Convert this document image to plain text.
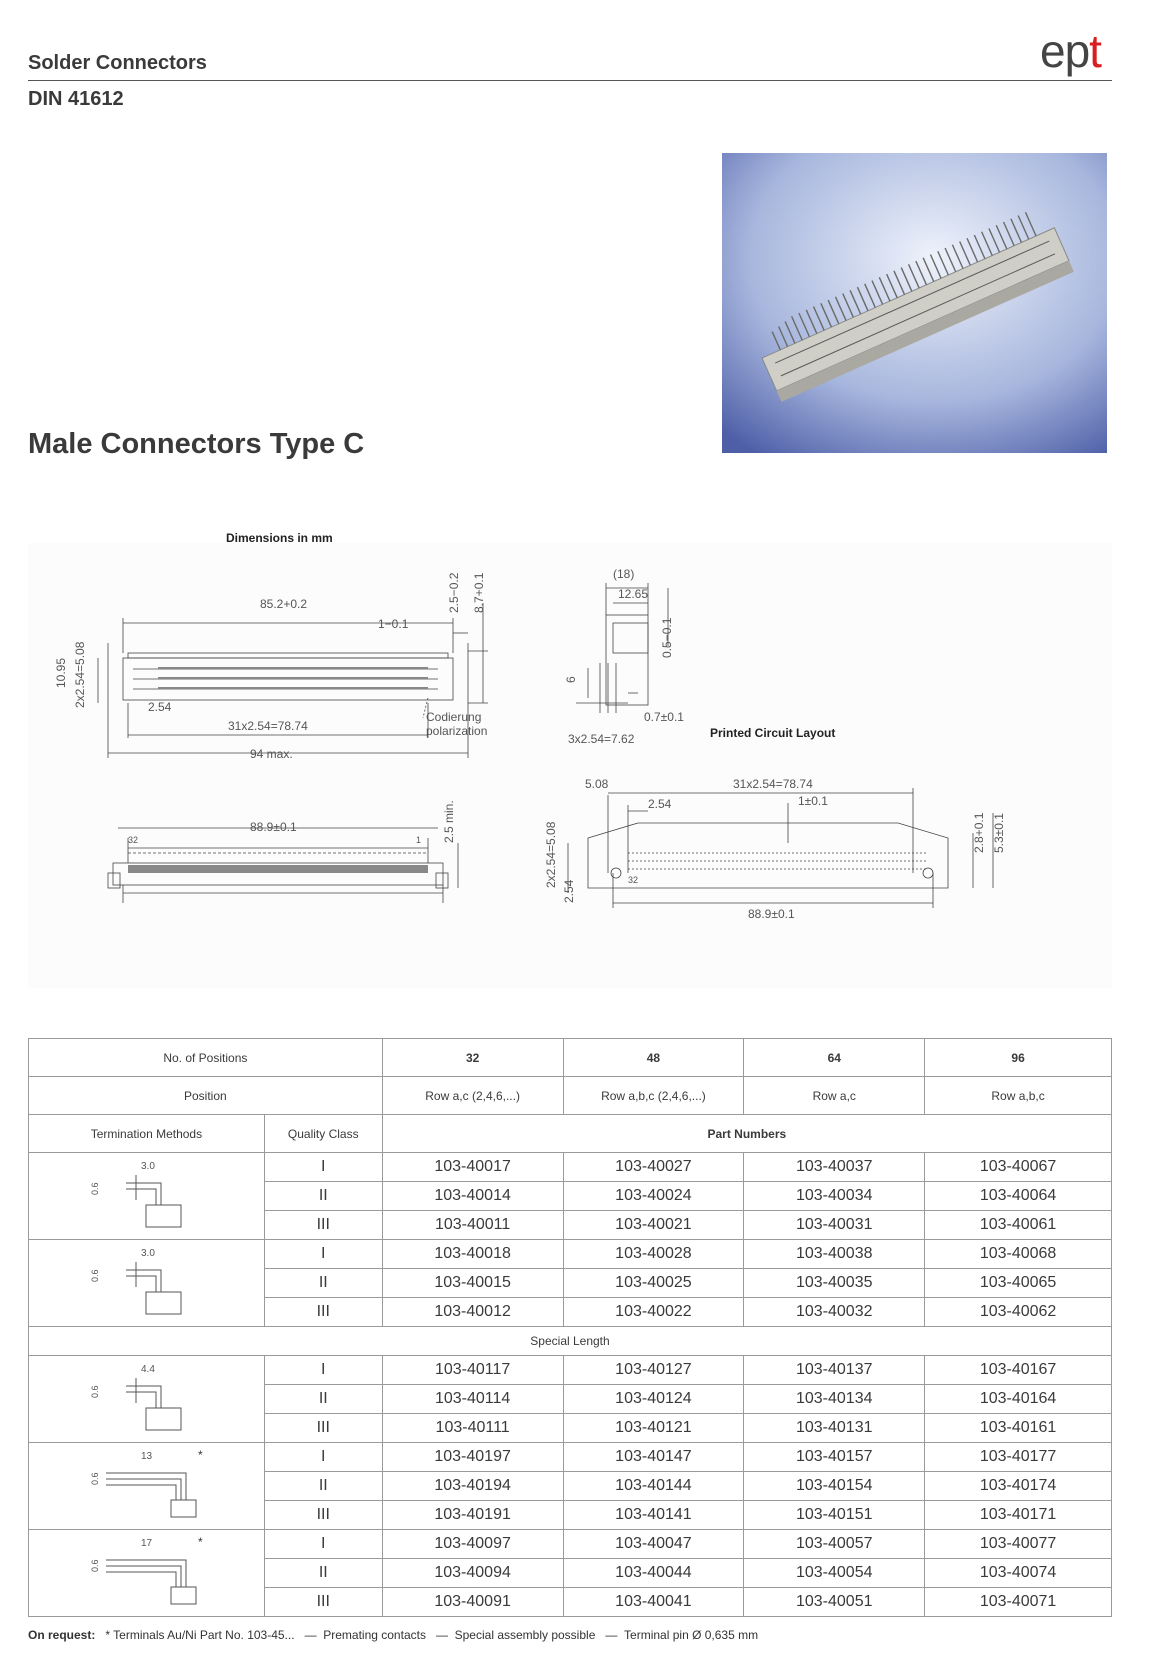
Solder Connectors
DIN 41612
ept
Male Connectors Type C
Dimensions in mm
85.2+0.2
1−0.1
2.5−0.2 8.7+0.1
10.95 2x2.54=5.08	2.54
31x2.54=78.74
94 max.
Codierung
polarization
(18)
12.65
0.5−0.1
6
0.7±0.1
3x2.54=7.62	Printed Circuit Layout
88.9±0.1	2.5 min.
32	1
5.08	31x2.54=78.74
2.54	1±0.1
2x2.54=5.08
2.54
2.8+0.1 5.3±0.1
32
88.9±0.1
No. of Positions		32	48	64	96
Position		Row a,c (2,4,6,...)	Row a,b,c (2,4,6,...)	Row a,c	Row a,b,c
Termination Methods	Quality Class	Part Numbers			

3.0
0.6	I	103-40017	103-40027	103-40037	103-40067
	II	103-40014	103-40024	103-40034	103-40064
	III	103-40011	103-40021	103-40031	103-40061

3.0
0.6	I	103-40018	103-40028	103-40038	103-40068
	II	103-40015	103-40025	103-40035	103-40065
	III	103-40012	103-40022	103-40032	103-40062
Special Length					

4.4
0.6	I	103-40117	103-40127	103-40137	103-40167
	II	103-40114	103-40124	103-40134	103-40164
	III	103-40111	103-40121	103-40131	103-40161

13
0.6
*	I	103-40197	103-40147	103-40157	103-40177
	II	103-40194	103-40144	103-40154	103-40174
	III	103-40191	103-40141	103-40151	103-40171

17
0.6
*	I	103-40097	103-40047	103-40057	103-40077
	II	103-40094	103-40044	103-40054	103-40074
	III	103-40091	103-40041	103-40051	103-40071
On request: * Terminals Au/Ni Part No. 103-45...   —  Premating contacts   —  Special assembly possible   —  Terminal pin Ø 0,635 mm
